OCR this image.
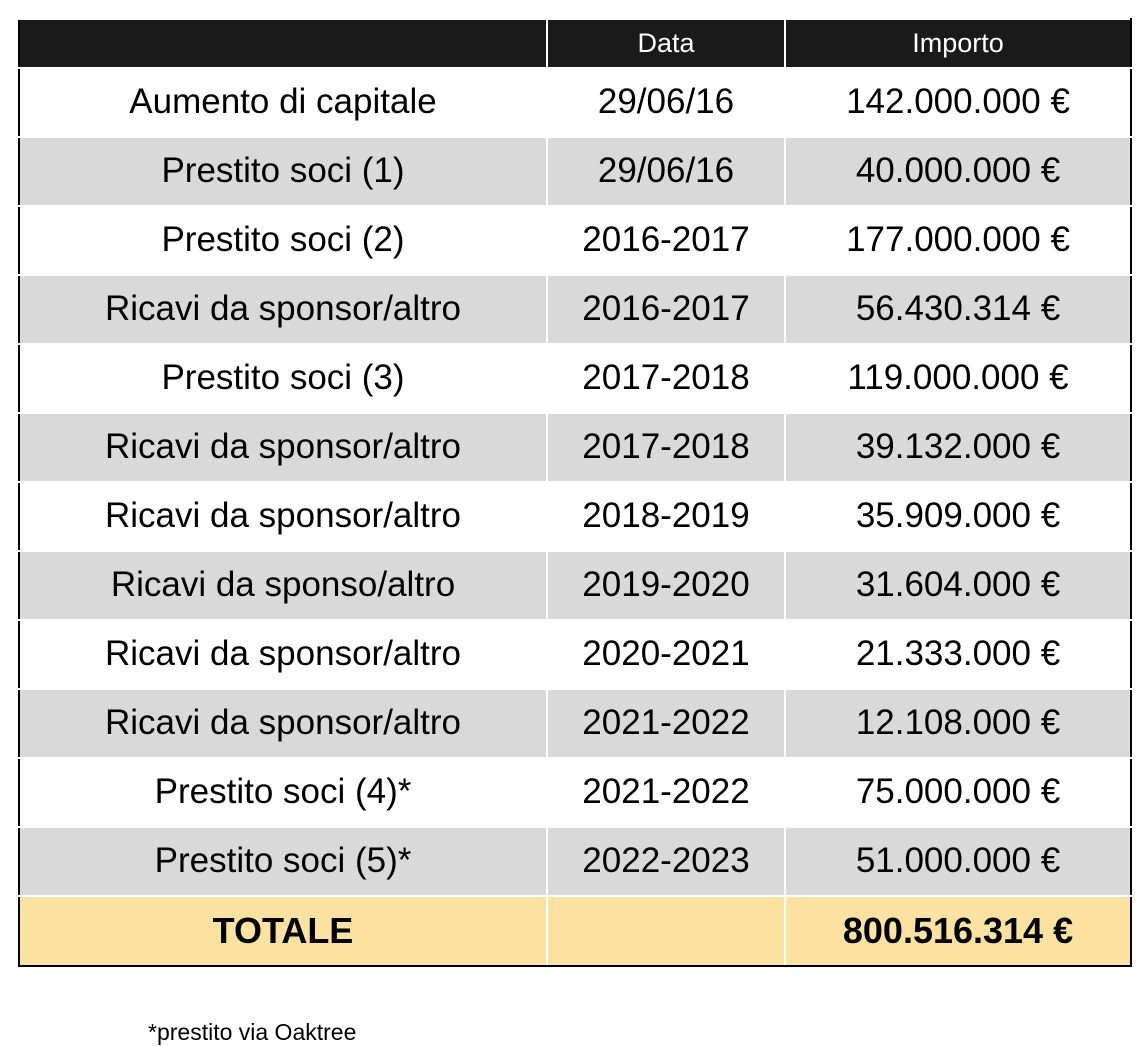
	Data	Importo
Aumento di capitale	29/06/16	142.000.000 €
Prestito soci (1)	29/06/16	40.000.000 €
Prestito soci (2)	2016-2017	177.000.000 €
Ricavi da sponsor/altro	2016-2017	56.430.314 €
Prestito soci (3)	2017-2018	119.000.000 €
Ricavi da sponsor/altro	2017-2018	39.132.000 €
Ricavi da sponsor/altro	2018-2019	35.909.000 €
Ricavi da sponso/altro	2019-2020	31.604.000 €
Ricavi da sponsor/altro	2020-2021	21.333.000 €
Ricavi da sponsor/altro	2021-2022	12.108.000 €
Prestito soci (4)*	2021-2022	75.000.000 €
Prestito soci (5)*	2022-2023	51.000.000 €
TOTALE		800.516.314 €
*prestito via Oaktree
